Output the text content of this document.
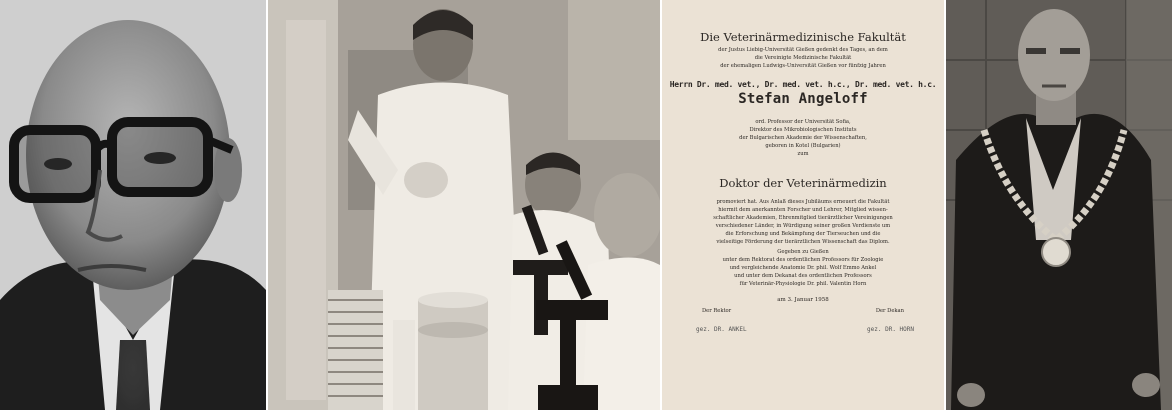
Die Veterinärmedizinische Fakultät
der Justus Liebig-Universität Gießen gedenkt des Tages, an dem
die Vereinigte Medizinische Fakultät
der ehemaligen Ludwigs-Universität Gießen vor fünfzig Jahren
Herrn Dr. med. vet., Dr. med. vet. h.c., Dr. med. vet. h.c.
Stefan Angeloff
ord. Professor der Universität Sofia,
Direktor des Mikrobiologischen Instituts
der Bulgarischen Akademie der Wissenschaften,
geboren in Kotel (Bulgarien)
zum
Doktor der Veterinärmedizin
promoviert hat. Aus Anlaß dieses Jubiläums erneuert die Fakultät
hiermit dem anerkannten Forscher und Lehrer, Mitglied wissen-
schaftlicher Akademien, Ehrenmitglied tierärztlicher Vereinigungen
verschiedener Länder, in Würdigung seiner großen Verdienste um
die Erforschung und Bekämpfung der Tierseuchen und die
vielseitige Förderung der tierärztlichen Wissenschaft das Diplom.
Gegeben zu Gießen
unter dem Rektorat des ordentlichen Professors für Zoologie
und vergleichende Anatomie Dr. phil. Wolf Emmo Ankel
und unter dem Dekanat des ordentlichen Professors
für Veterinär-Physiologie Dr. phil. Valentin Horn
am 3. Januar 1958
Der Rektor	Der Dekan
gez. DR. ANKEL	gez. DR. HORN
